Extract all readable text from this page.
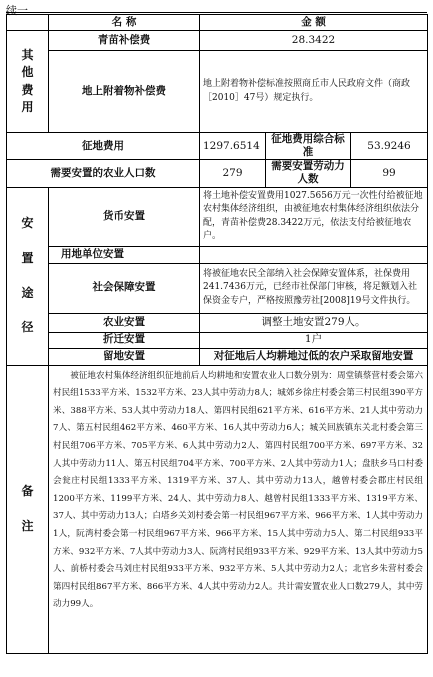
续一
	名 称	金 额		

其
他
费
用	青苗补偿费	28.3422		
	地上附着物补偿费	地上附着物补偿标准按照商丘市人民政府文件（商政［2010］47号）规定执行。		
征地费用		1297.6514	征地费用综合标准	53.9246
需要安置的农业人口数		279	需要安置劳动力人数	99

安

置

途

径	货币安置	将土地补偿安置费用1027.5656万元一次性付给被征地农村集体经济组织，由被征地农村集体经济组织依法分配，青苗补偿费28.3422万元，依法支付给被征地农户。		
	用地单位安置			
	社会保障安置	将被征地农民全部纳入社会保障安置体系，社保费用241.7436万元，已经市社保部门审核，将足额划入社保资金专户，严格按照豫劳社[2008]19号文件执行。		
	农业安置	调整土地安置279人。		
	折迁安置	1户		
	留地安置	对征地后人均耕地过低的农户采取留地安置		

备

注	被征地农村集体经济组织征地前后人均耕地和安置农业人口数分别为：周堂镇蔡营村委会第六村民组1533平方米、1532平方米、23人其中劳动力8人；城郊乡徐庄村委会第三村民组390平方米、388平方米、53人其中劳动力18人、第四村民组621平方米、616平方米、21人其中劳动力7人、第五村民组462平方米、460平方米、16人其中劳动力6人；城关回族镇东关北村委会第三村民组706平方米、705平方米、6人其中劳动力2人、第四村民组700平方米、697平方米、32人其中劳动力11人、第五村民组704平方米、700平方米、2人其中劳动力1人；盘肤乡马口村委会瓮庄村民组1333平方米、1319平方米、37人、其中劳动力13人，越曾村委会郡庄村民组1200平方米、1199平方米、24人、其中劳动力8人、越曾村民组1333平方米、1319平方米、37人、其中劳动力13人；白塔乡关刘村委会第一村民组967平方米、966平方米、1人其中劳动力1人，阮湾村委会第一村民组967平方米、966平方米、15人其中劳动力5人、第二村民组933平方米、932平方米、7人其中劳动力3人、阮湾村民组933平方米、929平方米、13人其中劳动力5人、前桥村委会马刘庄村民组933平方米、932平方米、5人其中劳动力2人；北官乡朱营村委会第四村民组867平方米、866平方米、4人其中劳动力2人。共计需安置农业人口数279人，其中劳动力99人。			
